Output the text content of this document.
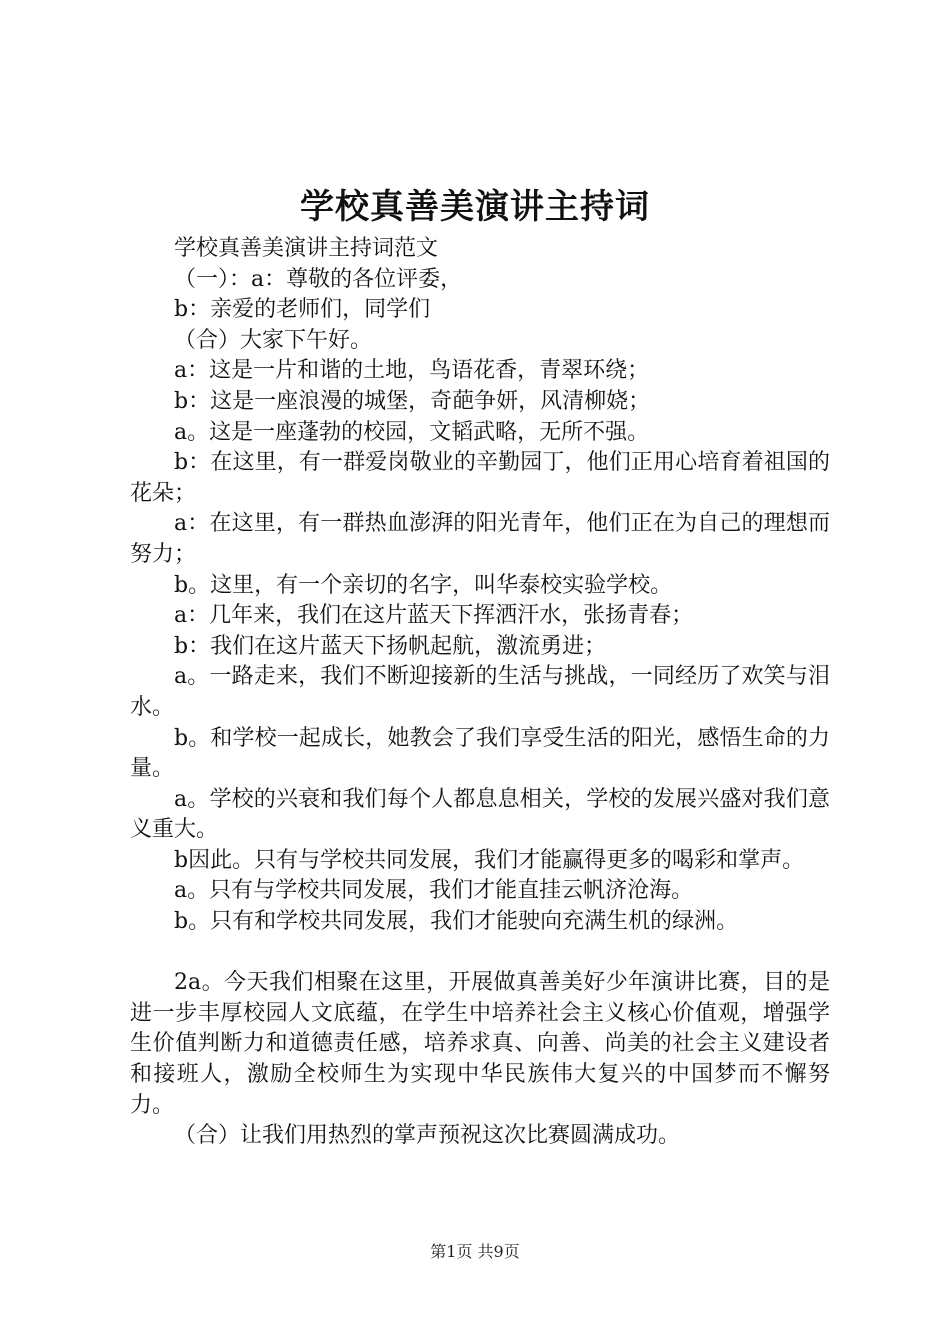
学校真善美演讲主持词

学校真善美演讲主持词范文

（一）：a：尊敬的各位评委，

b：亲爱的老师们，同学们

（合）大家下午好。

a：这是一片和谐的土地，鸟语花香，青翠环绕；

b：这是一座浪漫的城堡，奇葩争妍，风清柳娆；

a。这是一座蓬勃的校园，文韬武略，无所不强。

b：在这里，有一群爱岗敬业的辛勤园丁，他们正用心培育着祖国的花朵；

a：在这里，有一群热血澎湃的阳光青年，他们正在为自己的理想而努力；

b。这里，有一个亲切的名字，叫华泰校实验学校。

a：几年来，我们在这片蓝天下挥洒汗水，张扬青春；

b：我们在这片蓝天下扬帆起航，激流勇进；

a。一路走来，我们不断迎接新的生活与挑战，一同经历了欢笑与泪水。

b。和学校一起成长，她教会了我们享受生活的阳光，感悟生命的力量。

a。学校的兴衰和我们每个人都息息相关，学校的发展兴盛对我们意义重大。

b因此。只有与学校共同发展，我们才能赢得更多的喝彩和掌声。

a。只有与学校共同发展，我们才能直挂云帆济沧海。

b。只有和学校共同发展，我们才能驶向充满生机的绿洲。

2a。今天我们相聚在这里，开展做真善美好少年演讲比赛，目的是进一步丰厚校园人文底蕴，在学生中培养社会主义核心价值观，增强学生价值判断力和道德责任感，培养求真、向善、尚美的社会主义建设者和接班人，激励全校师生为实现中华民族伟大复兴的中国梦而不懈努力。

（合）让我们用热烈的掌声预祝这次比赛圆满成功。

第1页 共9页
